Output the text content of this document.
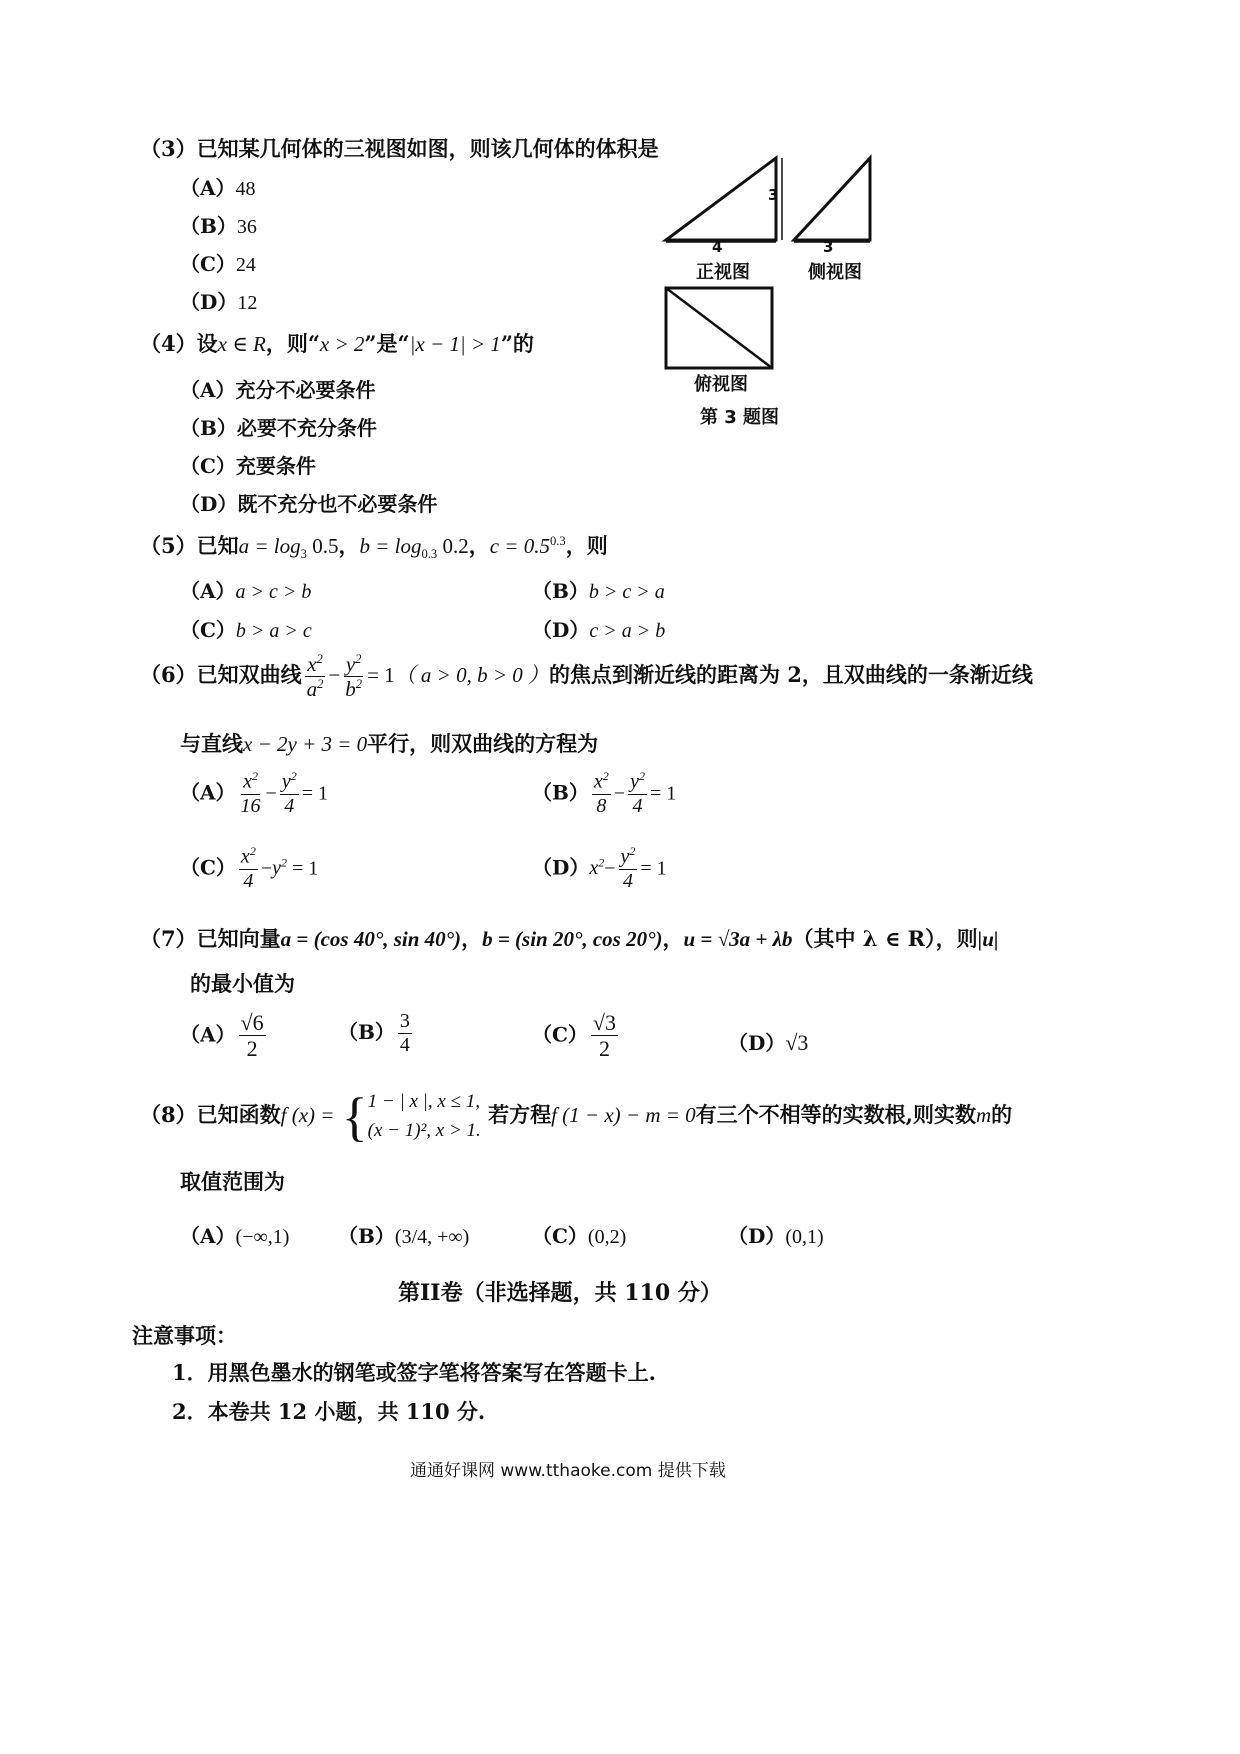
（3）已知某几何体的三视图如图，则该几何体的体积是
（A）48
（B）36
（C）24
（D）12
3
4	3
正视图	侧视图
俯视图
第 3 题图
（4）设x ∈ R，则“x > 2”是“|x − 1| > 1”的
（A）充分不必要条件
（B）必要不充分条件
（C）充要条件
（D）既不充分也不必要条件
（5）已知$a = \log_3 0.5$，$b = \log_{0.3} 0.2$，$c = 0.5^{0.3}$，则
（A）a > c > b	（B）b > c > a
（C）b > a > c	（D）c > a > b
（6）已知双曲线 $\frac{x^2}{a^2} - \frac{y^2}{b^2} = 1$（ a > 0, b > 0 ）的焦点到渐近线的距离为 2，且双曲线的一条渐近线
与直线x − 2y + 3 = 0平行，则双曲线的方程为
$(A) \frac{x^2}{16} - \frac{y^2}{4} = 1$	$(B) \frac{x^2}{8} - \frac{y^2}{4} = 1$
$(C) \frac{x^2}{4} -y^2 = 1$	$(D)x^2- \frac{y^2}{4} = 1$
（7）已知向量a = (cos 40°, sin 40°)，b = (sin 20°, cos 20°)，u = √3a + λb（其中 λ ∈ R），则|u|
的最小值为
$(A) \frac{√6}{2}$	$(B) \frac{3}{4}$	$(C) \frac{√3}{2}$	（D）√3
（8）已知函数f (x) = { 1 − | x |, x ≤ 1,
(x − 1)², x > 1.
若方程f (1 − x) − m = 0有三个不相等的实数根,则实数m的
取值范围为
（A）(−∞,1) （B）(3/4, +∞)	（C）(0,2)	（D）(0,1)
第II卷（非选择题，共 110 分）
注意事项：
1．用黑色墨水的钢笔或签字笔将答案写在答题卡上.
2．本卷共 12 小题，共 110 分.
通通好课网 www.tthaoke.com 提供下载
